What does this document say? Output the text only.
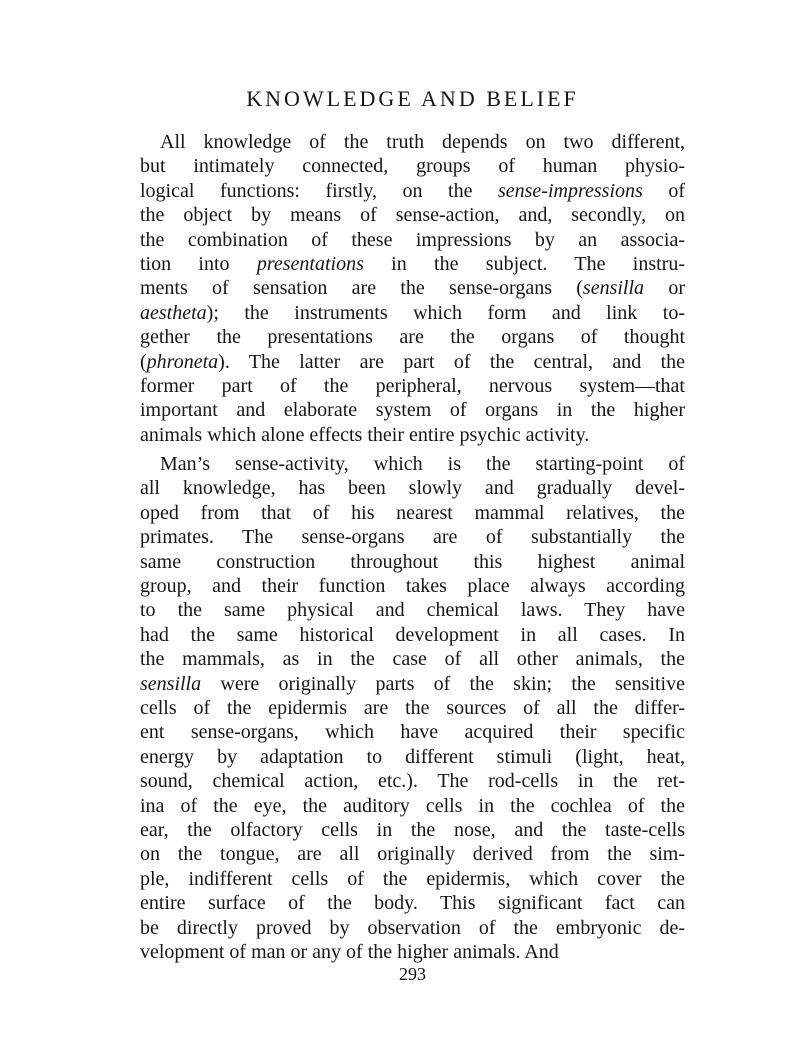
KNOWLEDGE AND BELIEF
All knowledge of the truth depends on two different,
but intimately connected, groups of human physio-
logical functions: firstly, on the sense-impressions of
the object by means of sense-action, and, secondly, on
the combination of these impressions by an associa-
tion into presentations in the subject. The instru-
ments of sensation are the sense-organs (sensilla or
aestheta); the instruments which form and link to-
gether the presentations are the organs of thought
(phroneta). The latter are part of the central, and the
former part of the peripheral, nervous system—that
important and elaborate system of organs in the higher
animals which alone effects their entire psychic activity.
Man’s sense-activity, which is the starting-point of
all knowledge, has been slowly and gradually devel-
oped from that of his nearest mammal relatives, the
primates. The sense-organs are of substantially the
same construction throughout this highest animal
group, and their function takes place always according
to the same physical and chemical laws. They have
had the same historical development in all cases. In
the mammals, as in the case of all other animals, the
sensilla were originally parts of the skin; the sensitive
cells of the epidermis are the sources of all the differ-
ent sense-organs, which have acquired their specific
energy by adaptation to different stimuli (light, heat,
sound, chemical action, etc.). The rod-cells in the ret-
ina of the eye, the auditory cells in the cochlea of the
ear, the olfactory cells in the nose, and the taste-cells
on the tongue, are all originally derived from the sim-
ple, indifferent cells of the epidermis, which cover the
entire surface of the body. This significant fact can
be directly proved by observation of the embryonic de-
velopment of man or any of the higher animals. And
293
